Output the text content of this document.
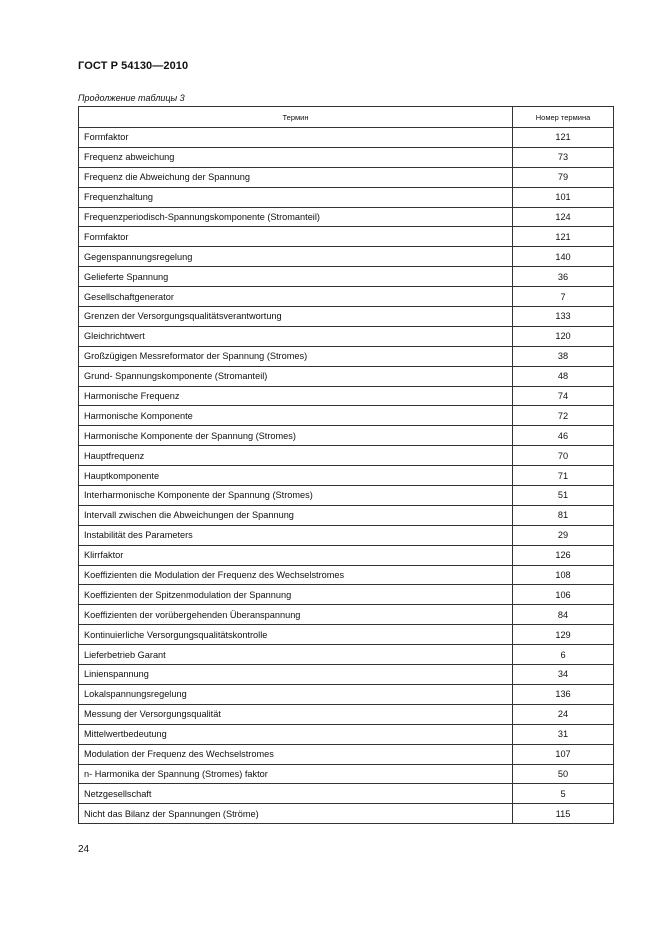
ГОСТ Р 54130—2010
Продолжение таблицы 3
Термин	Номер термина
Formfaktor	121
Frequenz abweichung	73
Frequenz die Abweichung der Spannung	79
Frequenzhaltung	101
Frequenzperiodisch-Spannungskomponente (Stromanteil)	124
Formfaktor	121
Gegenspannungsregelung	140
Gelieferte Spannung	36
Gesellschaftgenerator	7
Grenzen der Versorgungsqualitätsverantwortung	133
Gleichrichtwert	120
Großzügigen Messreformator der Spannung (Stromes)	38
Grund- Spannungskomponente (Stromanteil)	48
Harmonische Frequenz	74
Harmonische Komponente	72
Harmonische Komponente der Spannung (Stromes)	46
Hauptfrequenz	70
Hauptkomponente	71
Interharmonische Komponente der Spannung (Stromes)	51
Intervall zwischen die Abweichungen der Spannung	81
Instabilität des Parameters	29
Klirrfaktor	126
Koeffizienten die Modulation der Frequenz des Wechselstromes	108
Koeffizienten der Spitzenmodulation der Spannung	106
Koeffizienten der vorübergehenden Überanspannung	84
Kontinuierliche Versorgungsqualitätskontrolle	129
Lieferbetrieb Garant	6
Linienspannung	34
Lokalspannungsregelung	136
Messung der Versorgungsqualität	24
Mittelwertbedeutung	31
Modulation der Frequenz des Wechselstromes	107
n- Harmonika der Spannung (Stromes) faktor	50
Netzgesellschaft	5
Nicht das Bilanz der Spannungen (Ströme)	115
24
